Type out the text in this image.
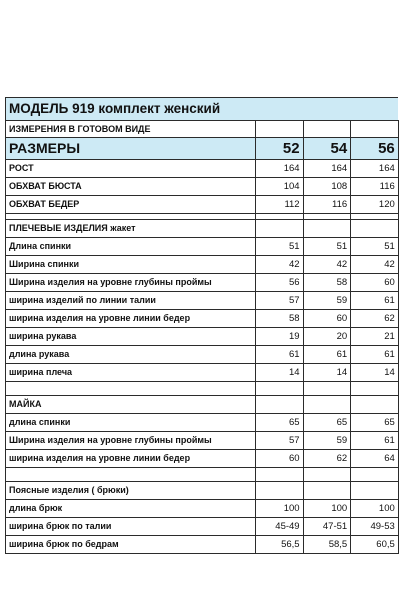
МОДЕЛЬ 919 комплект женский			
ИЗМЕРЕНИЯ В ГОТОВОМ ВИДЕ			
РАЗМЕРЫ	52	54	56
РОСТ	164	164	164
ОБХВАТ БЮСТА	104	108	116
ОБХВАТ БЕДЕР	112	116	120

ПЛЕЧЕВЫЕ ИЗДЕЛИЯ жакет			
Длина спинки	51	51	51
Ширина спинки	42	42	42
Ширина изделия на уровне глубины проймы	56	58	60
ширина изделий по линии талии	57	59	61
ширина изделия на уровне линии бедер	58	60	62
ширина рукава	19	20	21
длина рукава	61	61	61
ширина плеча	14	14	14

МАЙКА			
длина спинки	65	65	65
Ширина изделия на уровне глубины проймы	57	59	61
ширина изделия на уровне линии бедер	60	62	64

Поясные изделия ( брюки)			
длина брюк	100	100	100
ширина брюк по талии	45-49	47-51	49-53
ширина брюк по бедрам	56,5	58,5	60,5
